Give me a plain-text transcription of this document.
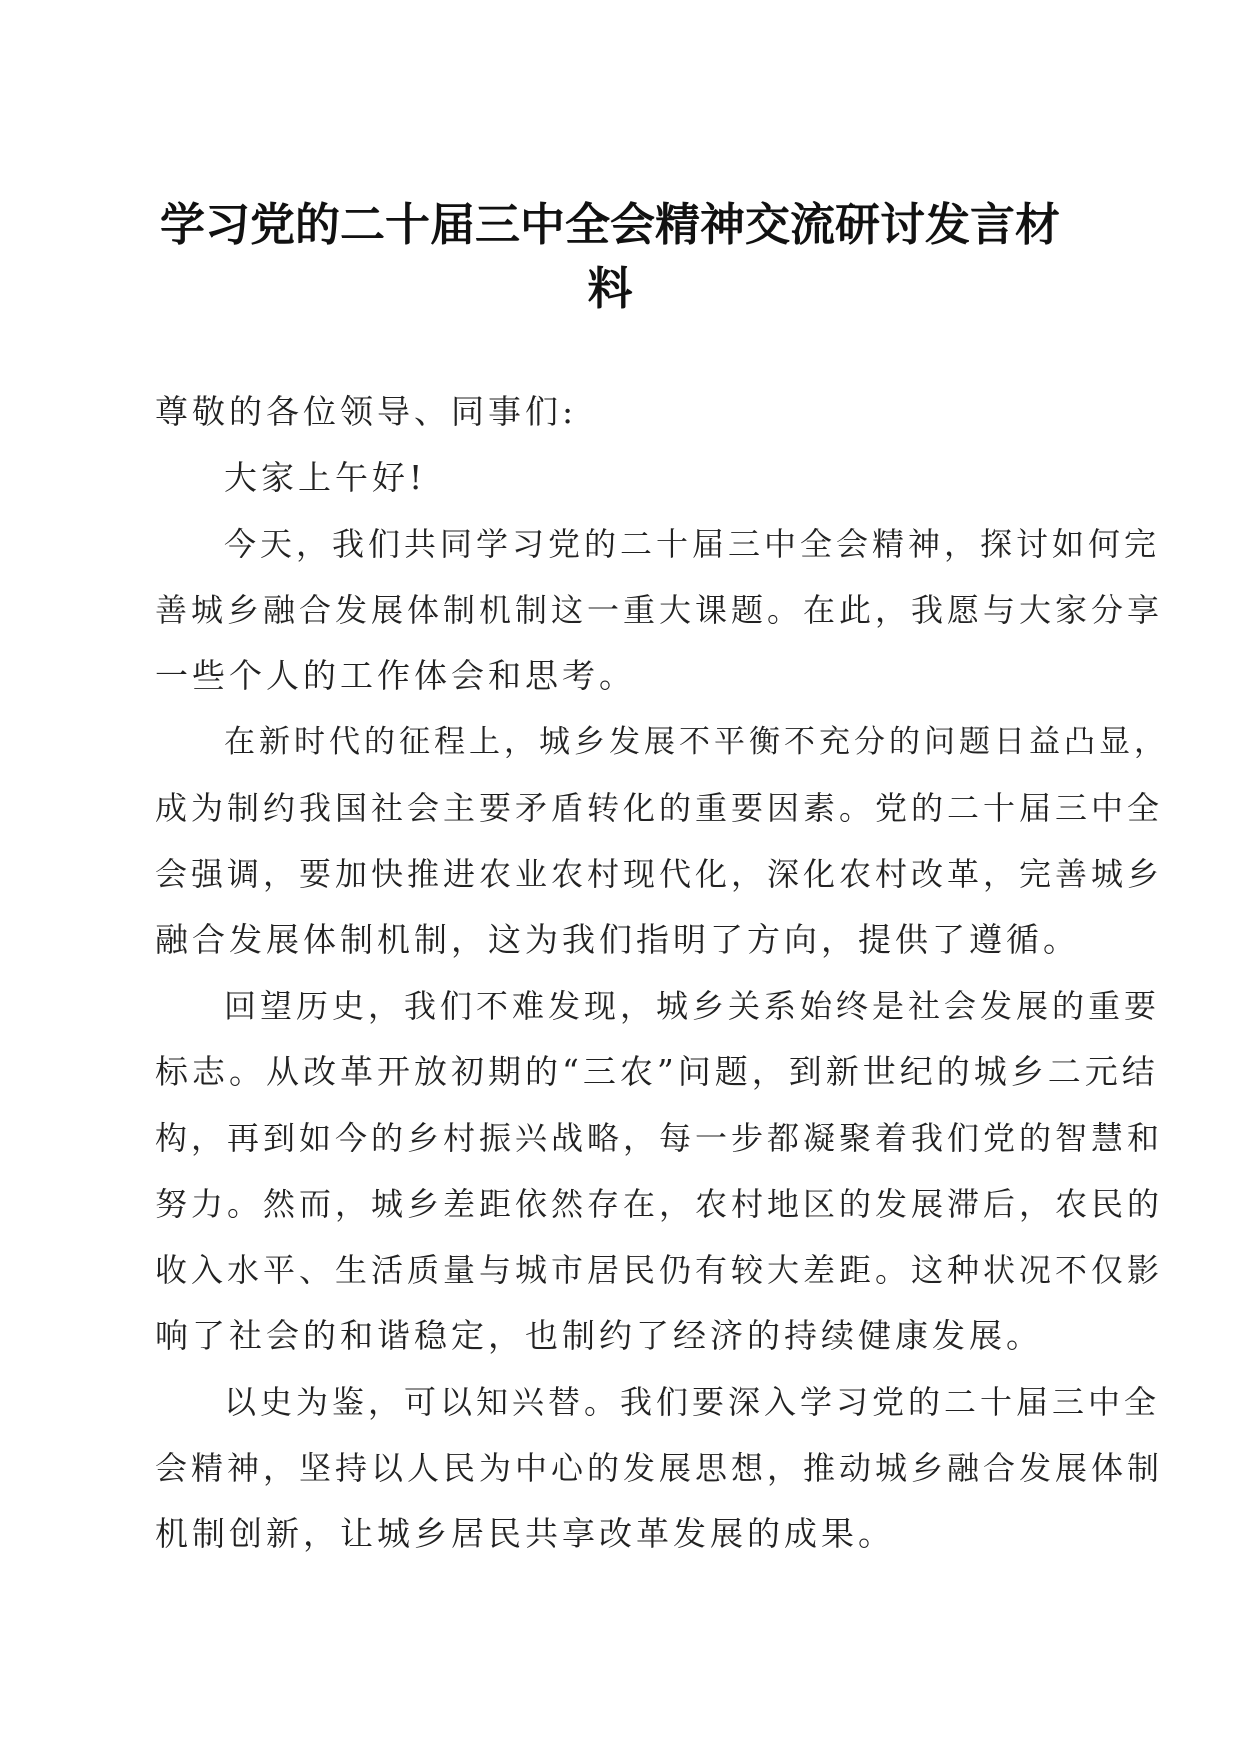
学习党的二十届三中全会精神交流研讨发言材
料

尊敬的各位领导、同事们:

大家上午好!

今天，我们共同学习党的二十届三中全会精神，探讨如何完

善城乡融合发展体制机制这一重大课题。在此，我愿与大家分享

一些个人的工作体会和思考。

在新时代的征程上，城乡发展不平衡不充分的问题日益凸显，

成为制约我国社会主要矛盾转化的重要因素。党的二十届三中全

会强调，要加快推进农业农村现代化，深化农村改革，完善城乡

融合发展体制机制，这为我们指明了方向，提供了遵循。

回望历史，我们不难发现，城乡关系始终是社会发展的重要

标志。从改革开放初期的“三农”问题，到新世纪的城乡二元结

构，再到如今的乡村振兴战略，每一步都凝聚着我们党的智慧和

努力。然而，城乡差距依然存在，农村地区的发展滞后，农民的

收入水平、生活质量与城市居民仍有较大差距。这种状况不仅影

响了社会的和谐稳定，也制约了经济的持续健康发展。

以史为鉴，可以知兴替。我们要深入学习党的二十届三中全

会精神，坚持以人民为中心的发展思想，推动城乡融合发展体制

机制创新，让城乡居民共享改革发展的成果。
